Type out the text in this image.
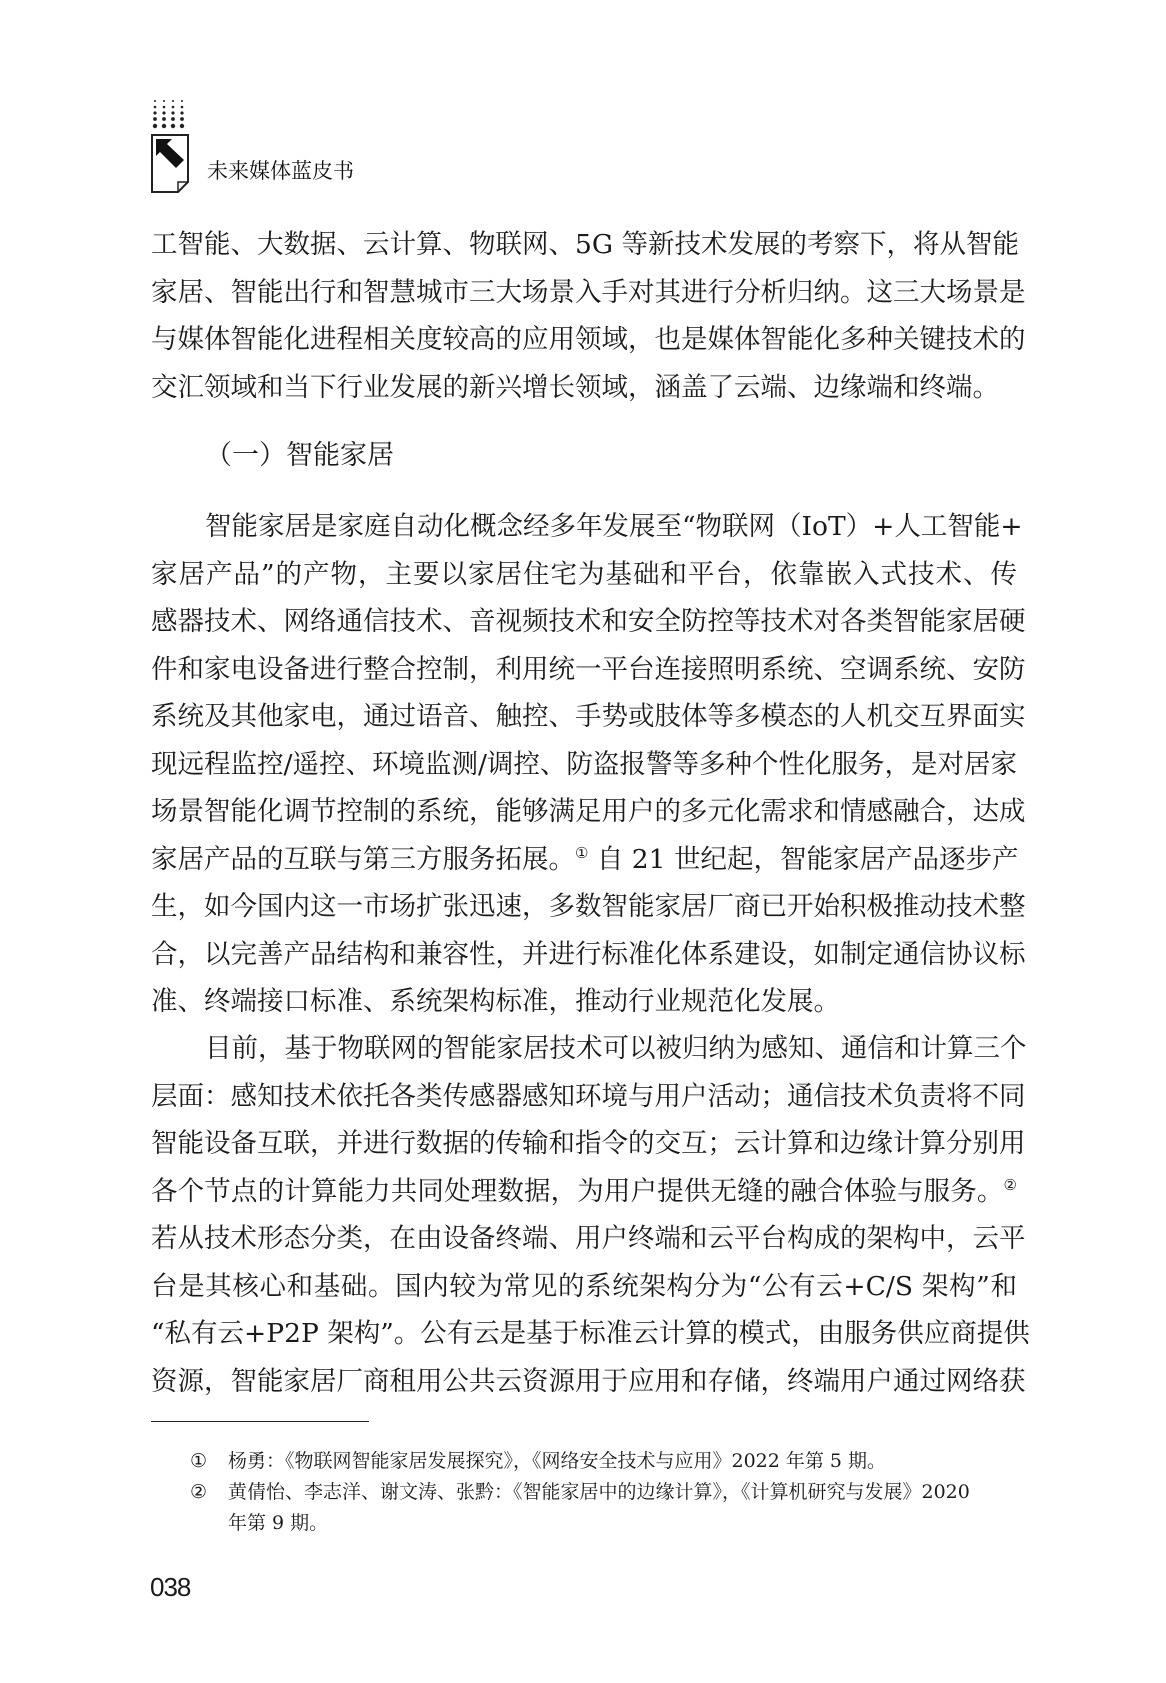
未来媒体蓝皮书
工智能、大数据、云计算、物联网、5G 等新技术发展的考察下，将从智能
家居、智能出行和智慧城市三大场景入手对其进行分析归纳。这三大场景是
与媒体智能化进程相关度较高的应用领域，也是媒体智能化多种关键技术的
交汇领域和当下行业发展的新兴增长领域，涵盖了云端、边缘端和终端。
（一）智能家居
智能家居是家庭自动化概念经多年发展至“物联网（IoT）+人工智能+
家居产品”的产物，主要以家居住宅为基础和平台，依靠嵌入式技术、传
感器技术、网络通信技术、音视频技术和安全防控等技术对各类智能家居硬
件和家电设备进行整合控制，利用统一平台连接照明系统、空调系统、安防
系统及其他家电，通过语音、触控、手势或肢体等多模态的人机交互界面实
现远程监控/遥控、环境监测/调控、防盗报警等多种个性化服务，是对居家
场景智能化调节控制的系统，能够满足用户的多元化需求和情感融合，达成
家居产品的互联与第三方服务拓展。① 自 21 世纪起，智能家居产品逐步产
生，如今国内这一市场扩张迅速，多数智能家居厂商已开始积极推动技术整
合，以完善产品结构和兼容性，并进行标准化体系建设，如制定通信协议标
准、终端接口标准、系统架构标准，推动行业规范化发展。
目前，基于物联网的智能家居技术可以被归纳为感知、通信和计算三个
层面：感知技术依托各类传感器感知环境与用户活动；通信技术负责将不同
智能设备互联，并进行数据的传输和指令的交互；云计算和边缘计算分别用
各个节点的计算能力共同处理数据，为用户提供无缝的融合体验与服务。②
若从技术形态分类，在由设备终端、用户终端和云平台构成的架构中，云平
台是其核心和基础。国内较为常见的系统架构分为“公有云+C/S 架构”和
“私有云+P2P 架构”。公有云是基于标准云计算的模式，由服务供应商提供
资源，智能家居厂商租用公共云资源用于应用和存储，终端用户通过网络获
① 杨勇：《物联网智能家居发展探究》，《网络安全技术与应用》2022 年第 5 期。
② 黄倩怡、李志洋、谢文涛、张黔：《智能家居中的边缘计算》，《计算机研究与发展》2020
年第 9 期。
038
